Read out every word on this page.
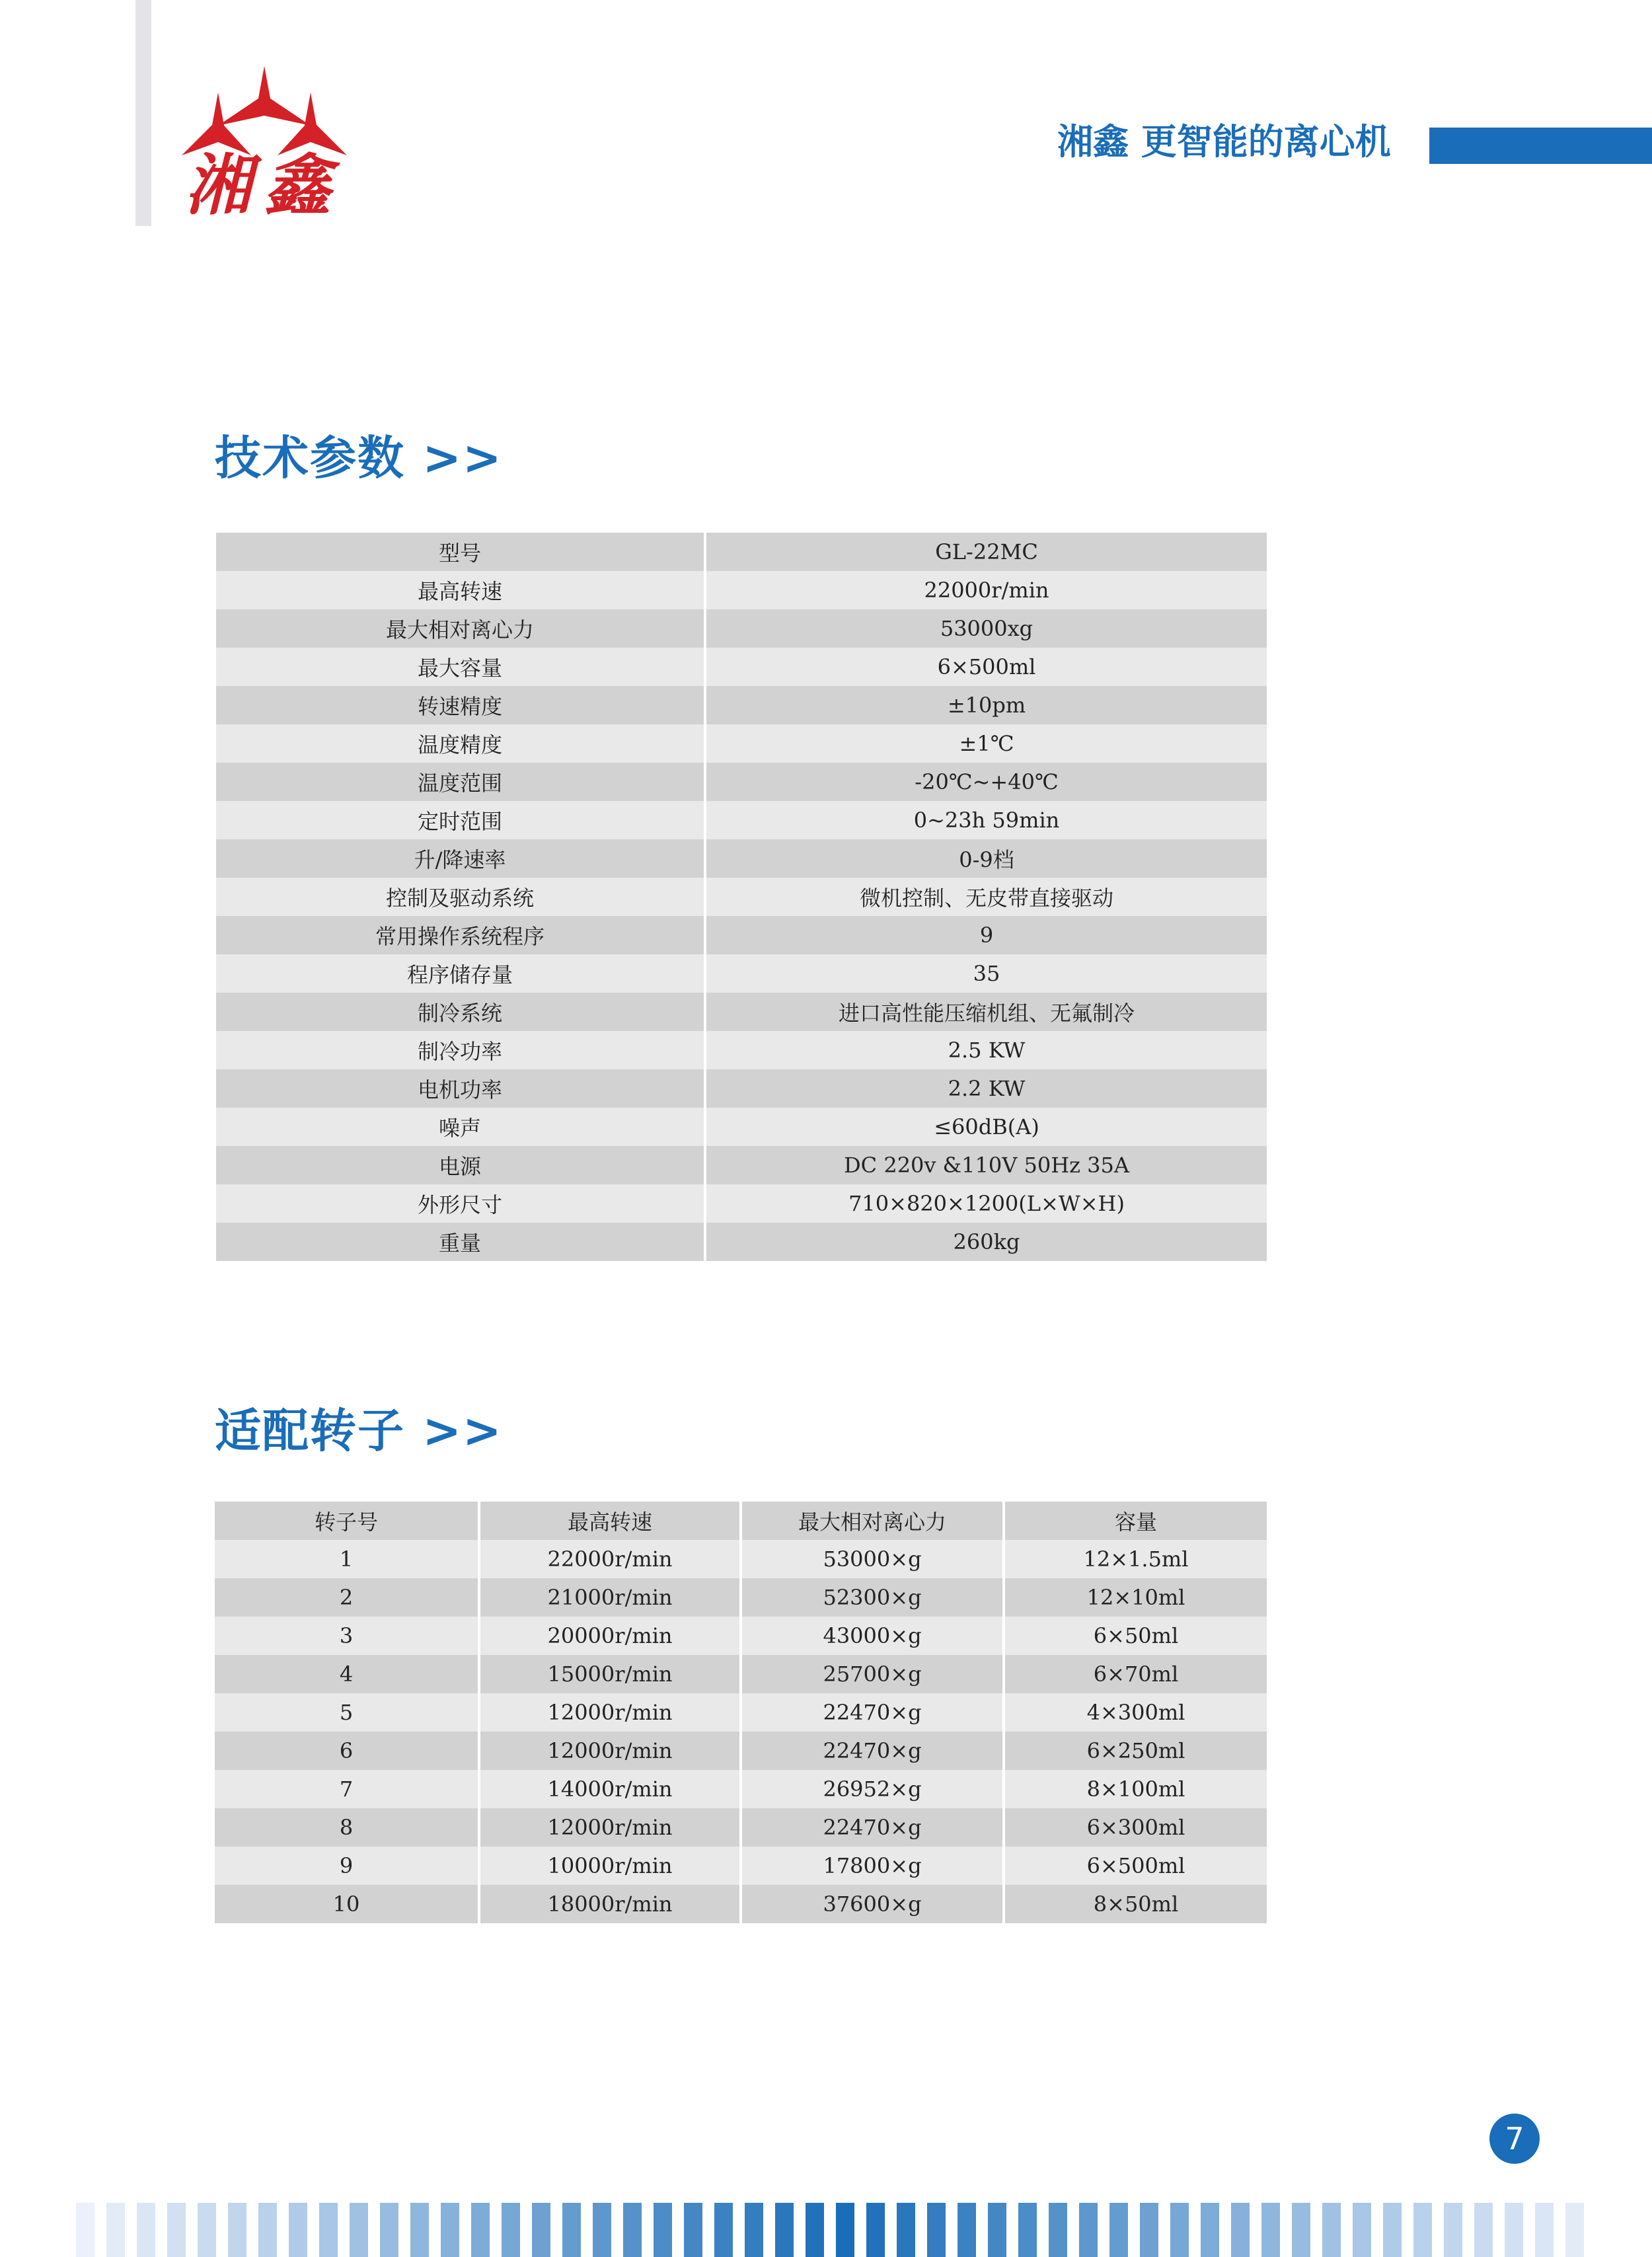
湘鑫
湘鑫 更智能的离心机
技术参数 >>
型号	GL-22MC
最高转速	22000r/min
最大相对离心力	53000xg
最大容量	6×500ml
转速精度	±10pm
温度精度	±1℃
温度范围	-20℃~+40℃
定时范围	0~23h 59min
升/降速率	0-9档
控制及驱动系统	微机控制、无皮带直接驱动
常用操作系统程序	9
程序储存量	35
制冷系统	进口高性能压缩机组、无氟制冷
制冷功率	2.5 KW
电机功率	2.2 KW
噪声	≤60dB(A)
电源	DC 220v &110V 50Hz 35A
外形尺寸	710×820×1200(L×W×H)
重量	260kg
适配转子 >>
转子号	最高转速	最大相对离心力	容量
1	22000r/min	53000×g	12×1.5ml
2	21000r/min	52300×g	12×10ml
3	20000r/min	43000×g	6×50ml
4	15000r/min	25700×g	6×70ml
5	12000r/min	22470×g	4×300ml
6	12000r/min	22470×g	6×250ml
7	14000r/min	26952×g	8×100ml
8	12000r/min	22470×g	6×300ml
9	10000r/min	17800×g	6×500ml
10	18000r/min	37600×g	8×50ml
7
